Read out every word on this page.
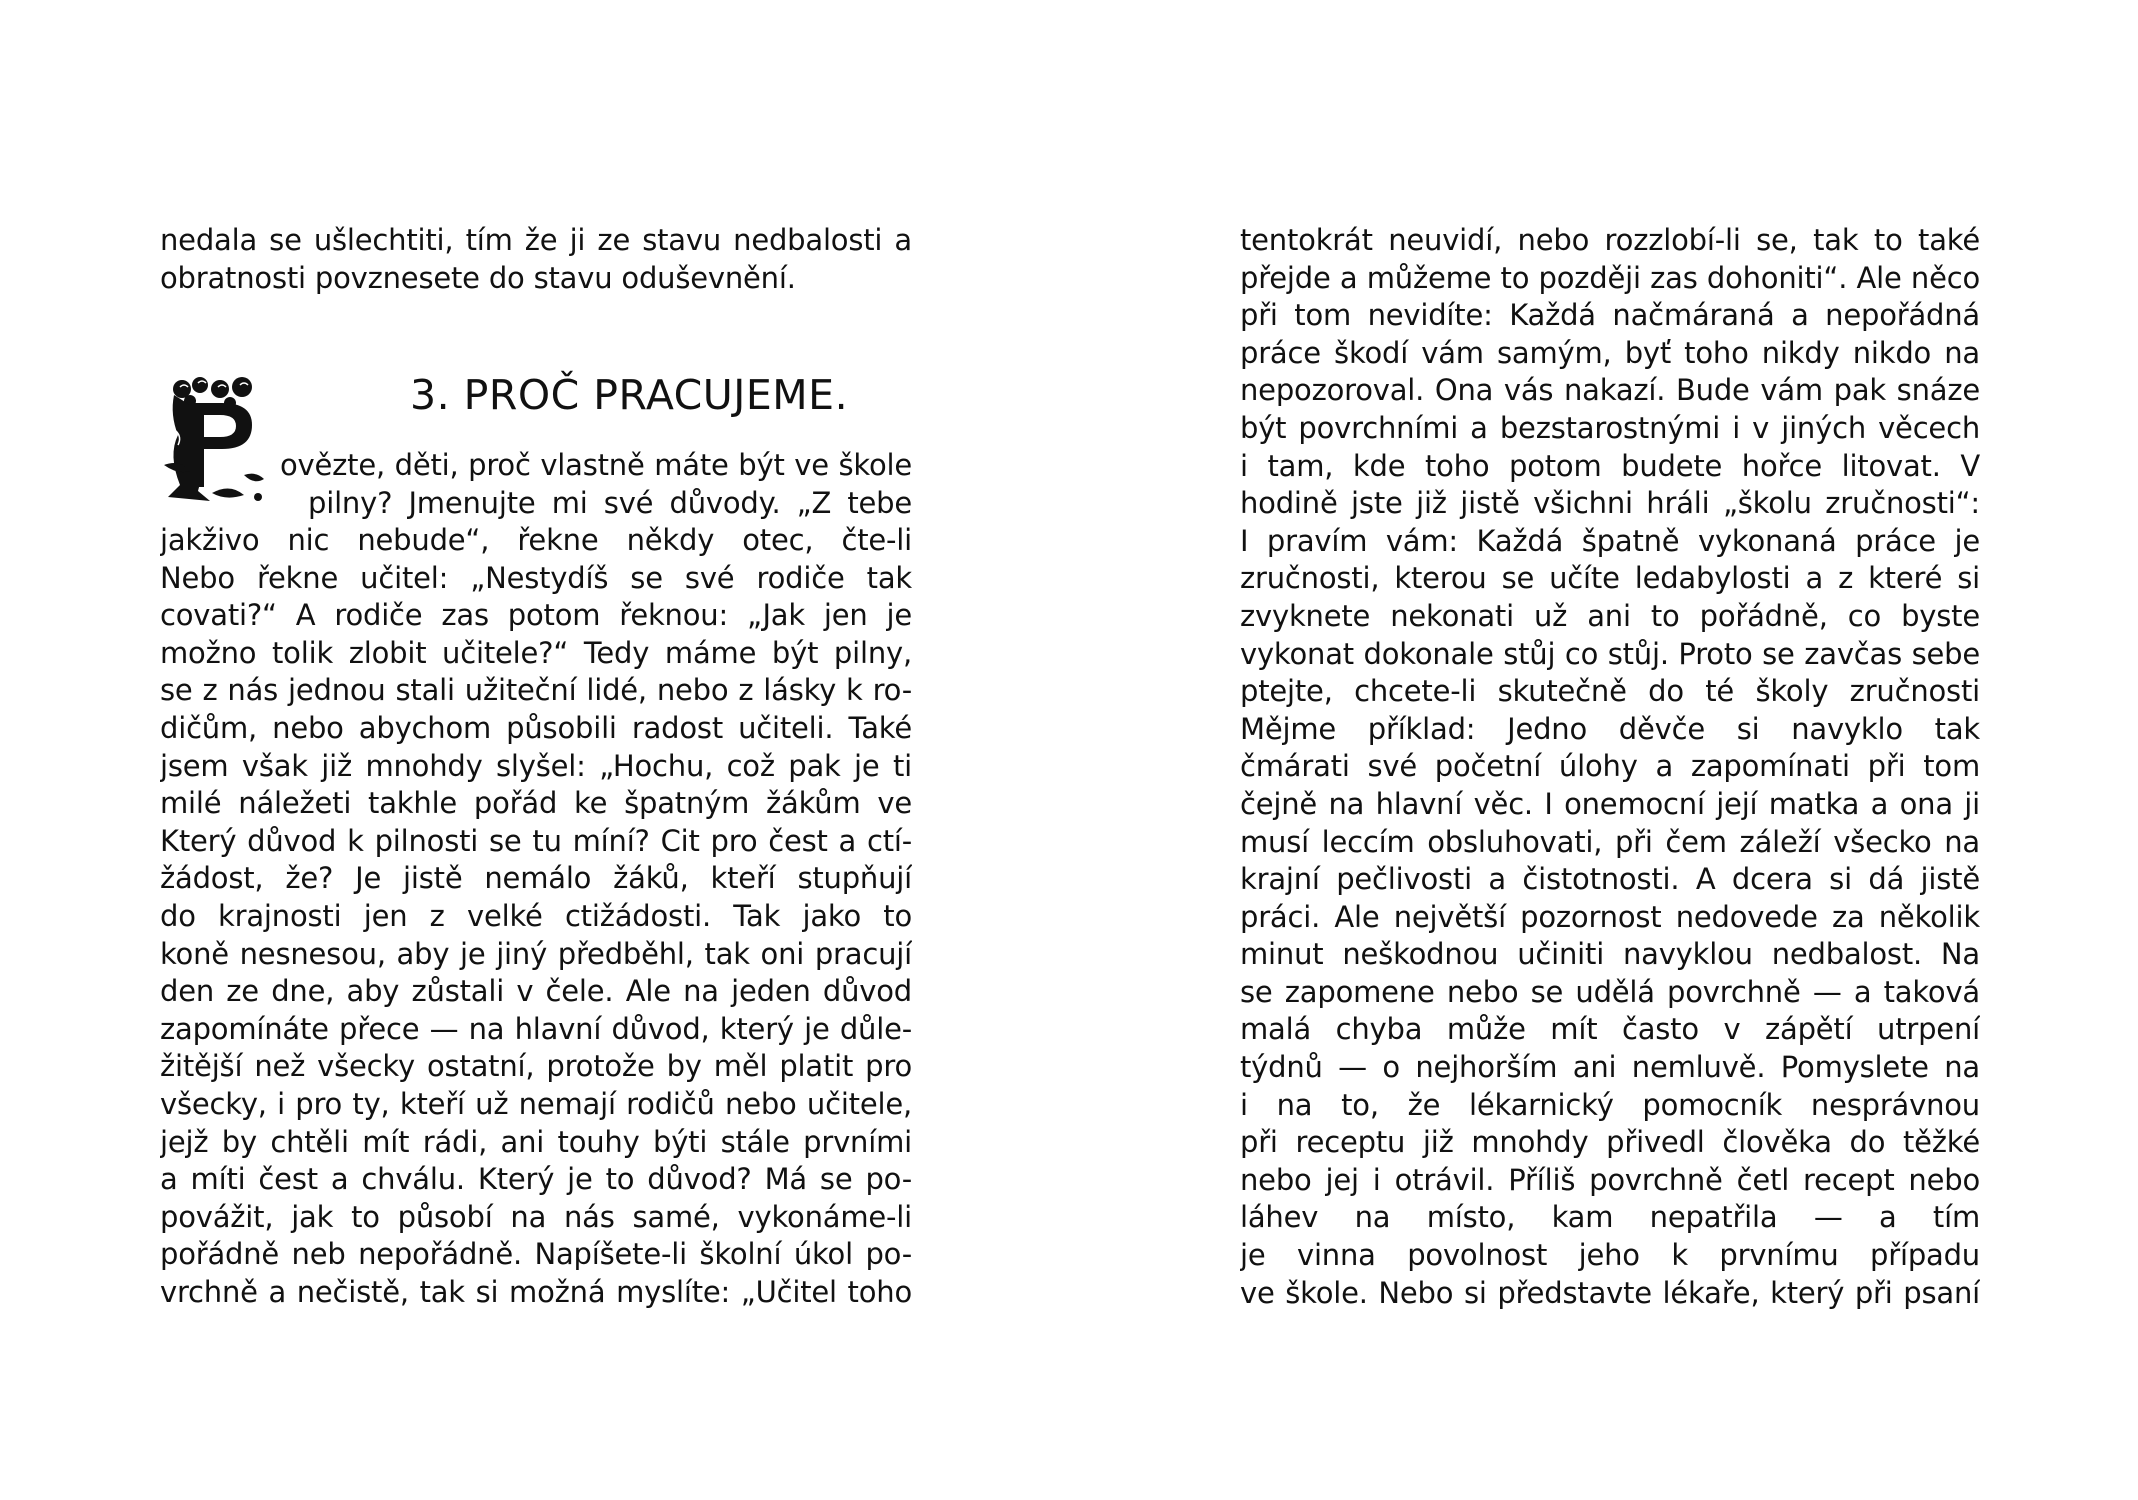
nedala se ušlechtiti, tím že ji ze stavu nedbalosti a
obratnosti povznesete do stavu oduševnění.
3. PROČ PRACUJEME.
ovězte, děti, proč vlastně máte být ve škole
pilny? Jmenujte mi své důvody. „Z tebe
jakživo nic nebude“, řekne někdy otec, čte-li
Nebo řekne učitel: „Nestydíš se své rodiče tak
covati?“ A rodiče zas potom řeknou: „Jak jen je
možno tolik zlobit učitele?“ Tedy máme být pilny,
se z nás jednou stali užiteční lidé, nebo z lásky k ro-
dičům, nebo abychom působili radost učiteli. Také
jsem však již mnohdy slyšel: „Hochu, což pak je ti
milé náležeti takhle pořád ke špatným žákům ve
Který důvod k pilnosti se tu míní? Cit pro čest a ctí-
žádost, že? Je jistě nemálo žáků, kteří stupňují
do krajnosti jen z velké ctižádosti. Tak jako to
koně nesnesou, aby je jiný předběhl, tak oni pracují
den ze dne, aby zůstali v čele. Ale na jeden důvod
zapomínáte přece — na hlavní důvod, který je důle-
žitější než všecky ostatní, protože by měl platit pro
všecky, i pro ty, kteří už nemají rodičů nebo učitele,
jejž by chtěli mít rádi, ani touhy býti stále prvními
a míti čest a chválu. Který je to důvod? Má se po-
povážit, jak to působí na nás samé, vykonáme-li
pořádně neb nepořádně. Napíšete-li školní úkol po-
vrchně a nečistě, tak si možná myslíte: „Učitel toho
tentokrát neuvidí, nebo rozzlobí-li se, tak to také
přejde a můžeme to později zas dohoniti“. Ale něco
při tom nevidíte: Každá načmáraná a nepořádná
práce škodí vám samým, byť toho nikdy nikdo na
nepozoroval. Ona vás nakazí. Bude vám pak snáze
být povrchními a bezstarostnými i v jiných věcech
i tam, kde toho potom budete hořce litovat. V
hodině jste již jistě všichni hráli „školu zručnosti“:
I pravím vám: Každá špatně vykonaná práce je
zručnosti, kterou se učíte ledabylosti a z které si
zvyknete nekonati už ani to pořádně, co byste
vykonat dokonale stůj co stůj. Proto se zavčas sebe
ptejte, chcete-li skutečně do té školy zručnosti
Mějme příklad: Jedno děvče si navyklo tak
čmárati své početní úlohy a zapomínati při tom
čejně na hlavní věc. I onemocní její matka a ona ji
musí leccím obsluhovati, při čem záleží všecko na
krajní pečlivosti a čistotnosti. A dcera si dá jistě
práci. Ale největší pozornost nedovede za několik
minut neškodnou učiniti navyklou nedbalost. Na
se zapomene nebo se udělá povrchně — a taková
malá chyba může mít často v zápětí utrpení
týdnů — o nejhorším ani nemluvě. Pomyslete na
i na to, že lékarnický pomocník nesprávnou
při receptu již mnohdy přivedl člověka do těžké
nebo jej i otrávil. Příliš povrchně četl recept nebo
láhev na místo, kam nepatřila — a tím
je vinna povolnost jeho k prvnímu případu
ve škole. Nebo si představte lékaře, který při psaní
